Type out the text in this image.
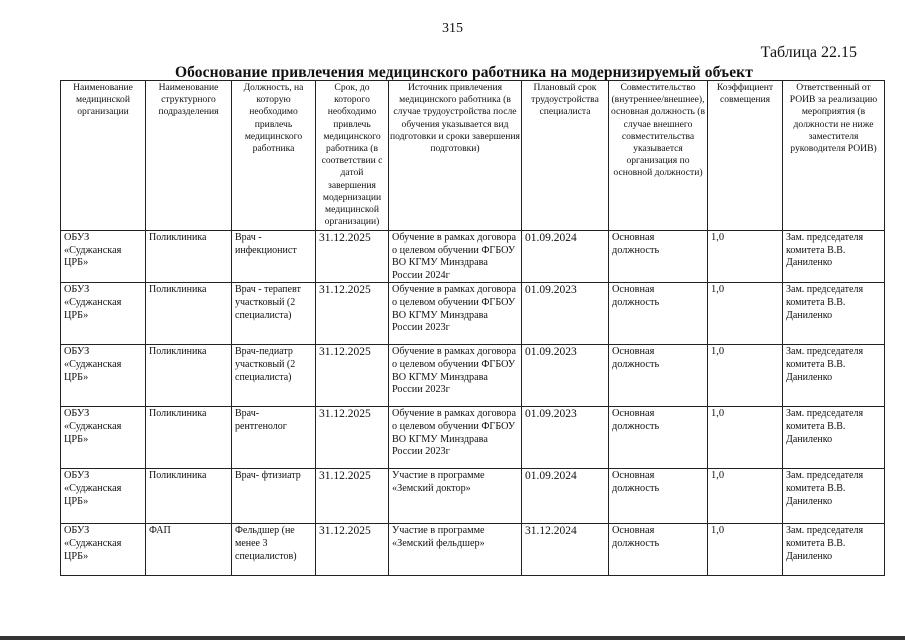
315
Таблица 22.15
Обоснование привлечения медицинского работника на модернизируемый объект
Наименование медицинской организации	Наименование структурного подразделения	Должность, на которую необходимо привлечь медицинского работника	Срок, до которого необходимо привлечь медицинского работника (в соответствии с датой завершения модернизации медицинской организации)	Источник привлечения медицинского работника (в случае трудоустройства после обучения указывается вид подготовки и сроки завершения подготовки)	Плановый срок трудоустройства специалиста	Совместительство (внутреннее/внешнее), основная должность (в случае внешнего совместительства указывается организация по основной должности)	Коэффициент совмещения	Ответственный от РОИВ за реализацию мероприятия (в должности не ниже заместителя руководителя РОИВ)
ОБУЗ «Суджанская ЦРБ»	Поликлиника	Врач - инфекционист	31.12.2025	Обучение в рамках договора о целевом обучении ФГБОУ ВО КГМУ Минздрава России 2024г	01.09.2024	Основная должность	1,0	Зам. председателя комитета В.В. Даниленко
ОБУЗ «Суджанская ЦРБ»	Поликлиника	Врач - терапевт участковый (2 специалиста)	31.12.2025	Обучение в рамках договора о целевом обучении ФГБОУ ВО КГМУ Минздрава России 2023г	01.09.2023	Основная должность	1,0	Зам. председателя комитета В.В. Даниленко
ОБУЗ «Суджанская ЦРБ»	Поликлиника	Врач-педиатр участковый (2 специалиста)	31.12.2025	Обучение в рамках договора о целевом обучении ФГБОУ ВО КГМУ Минздрава России 2023г	01.09.2023	Основная должность	1,0	Зам. председателя комитета В.В. Даниленко
ОБУЗ «Суджанская ЦРБ»	Поликлиника	Врач- рентгенолог	31.12.2025	Обучение в рамках договора о целевом обучении ФГБОУ ВО КГМУ Минздрава России 2023г	01.09.2023	Основная должность	1,0	Зам. председателя комитета В.В. Даниленко
ОБУЗ «Суджанская ЦРБ»	Поликлиника	Врач- фтизиатр	31.12.2025	Участие в программе «Земский доктор»	01.09.2024	Основная должность	1,0	Зам. председателя комитета В.В. Даниленко
ОБУЗ «Суджанская ЦРБ»	ФАП	Фельдшер (не менее 3 специалистов)	31.12.2025	Участие в программе «Земский фельдшер»	31.12.2024	Основная должность	1,0	Зам. председателя комитета В.В. Даниленко
